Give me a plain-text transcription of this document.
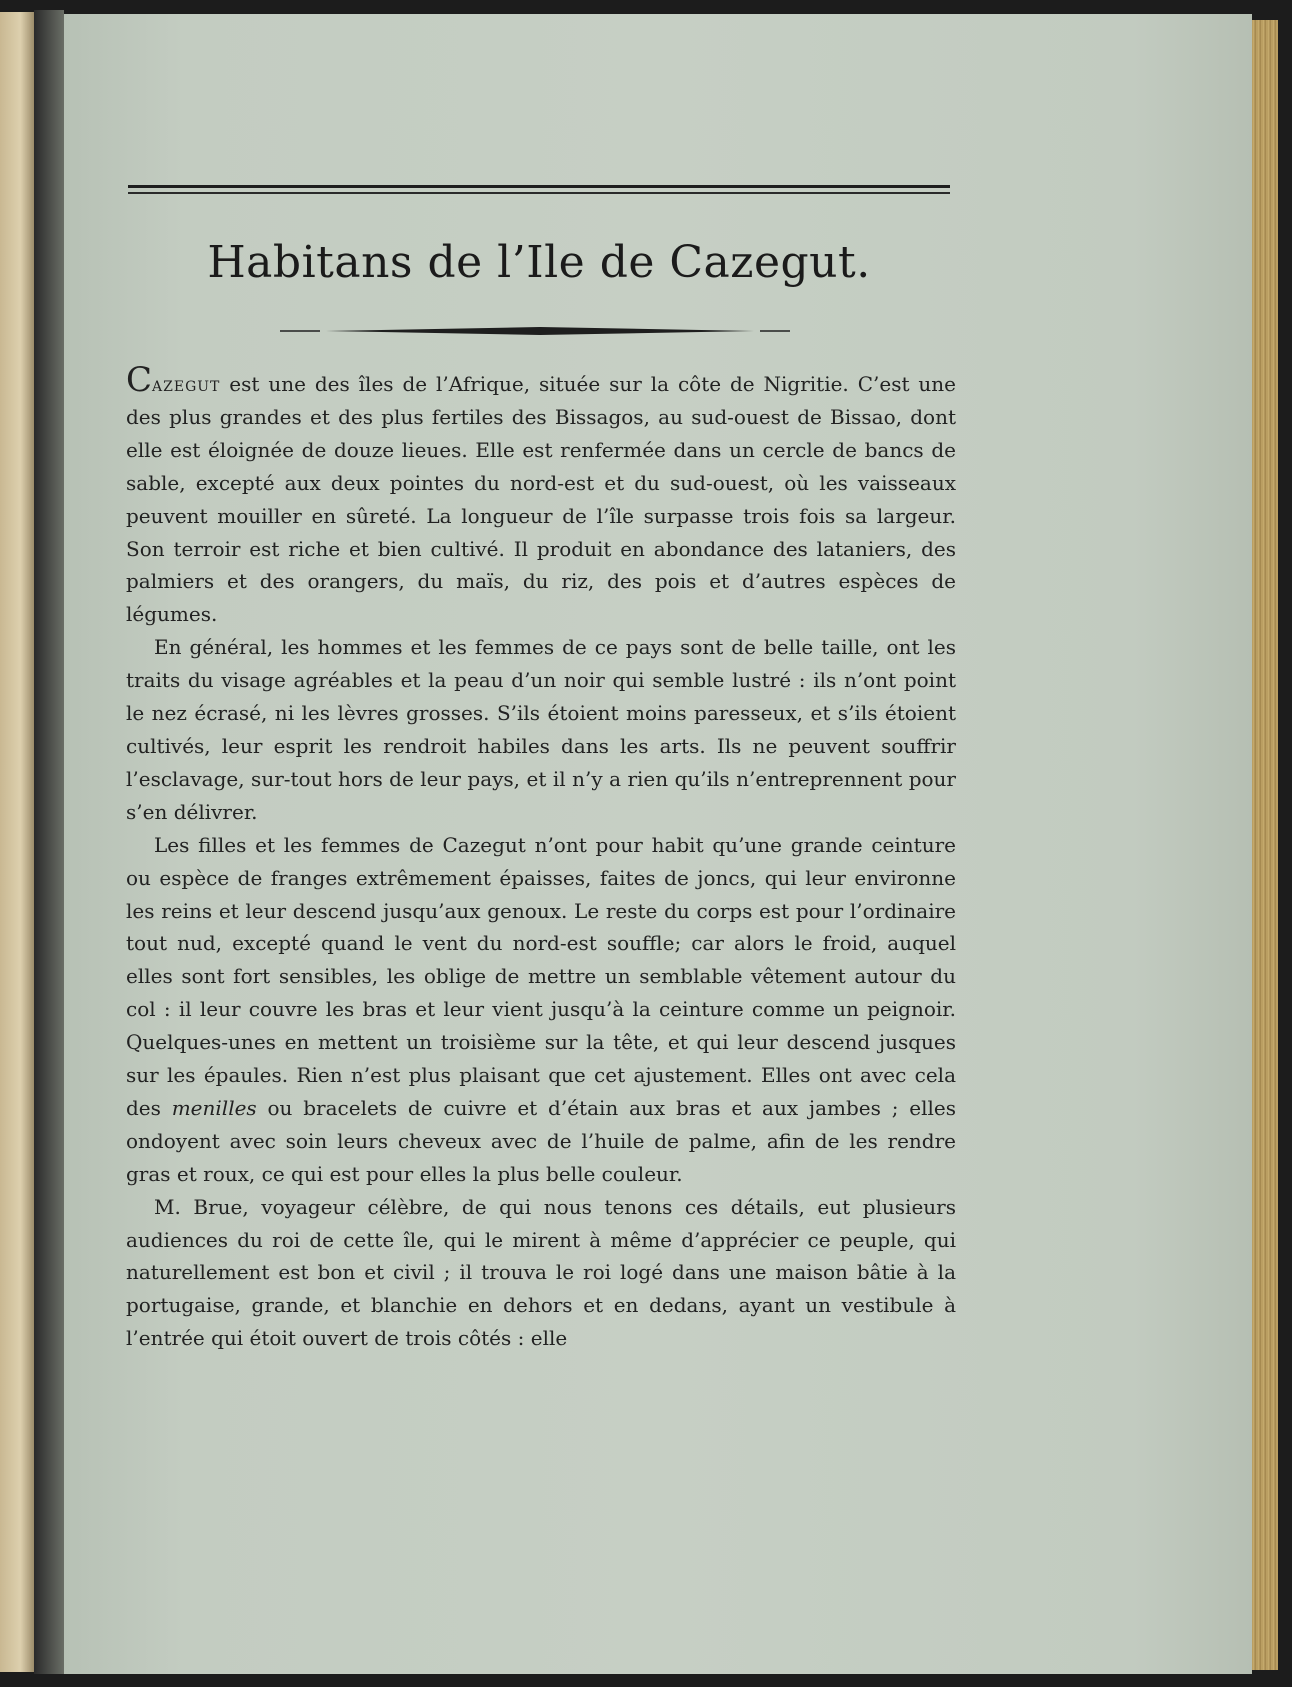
Habitans de l’Ile de Cazegut.

Cazegut est une des îles de l’Afrique, située sur la côte de Nigritie. C’est une des plus grandes et des plus fertiles des Bissagos, au sud-ouest de Bissao, dont elle est éloignée de douze lieues. Elle est renfermée dans un cercle de bancs de sable, excepté aux deux pointes du nord-est et du sud-ouest, où les vaisseaux peuvent mouiller en sûreté. La longueur de l’île surpasse trois fois sa largeur. Son terroir est riche et bien cultivé. Il produit en abondance des lataniers, des palmiers et des orangers, du maïs, du riz, des pois et d’autres espèces de légumes.

En général, les hommes et les femmes de ce pays sont de belle taille, ont les traits du visage agréables et la peau d’un noir qui semble lustré : ils n’ont point le nez écrasé, ni les lèvres grosses. S’ils étoient moins paresseux, et s’ils étoient cultivés, leur esprit les rendroit habiles dans les arts. Ils ne peuvent souffrir l’esclavage, sur-tout hors de leur pays, et il n’y a rien qu’ils n’entreprennent pour s’en délivrer.

Les filles et les femmes de Cazegut n’ont pour habit qu’une grande ceinture ou espèce de franges extrêmement épaisses, faites de joncs, qui leur environne les reins et leur descend jusqu’aux genoux. Le reste du corps est pour l’ordinaire tout nud, excepté quand le vent du nord-est souffle; car alors le froid, auquel elles sont fort sensibles, les oblige de mettre un semblable vêtement autour du col : il leur couvre les bras et leur vient jusqu’à la ceinture comme un peignoir. Quelques-unes en mettent un troisième sur la tête, et qui leur descend jusques sur les épaules. Rien n’est plus plaisant que cet ajustement. Elles ont avec cela des menilles ou bracelets de cuivre et d’étain aux bras et aux jambes ; elles ondoyent avec soin leurs cheveux avec de l’huile de palme, afin de les rendre gras et roux, ce qui est pour elles la plus belle couleur.

M. Brue, voyageur célèbre, de qui nous tenons ces détails, eut plusieurs audiences du roi de cette île, qui le mirent à même d’apprécier ce peuple, qui naturellement est bon et civil ; il trouva le roi logé dans une maison bâtie à la portugaise, grande, et blanchie en dehors et en dedans, ayant un vestibule à l’entrée qui étoit ouvert de trois côtés : elle
